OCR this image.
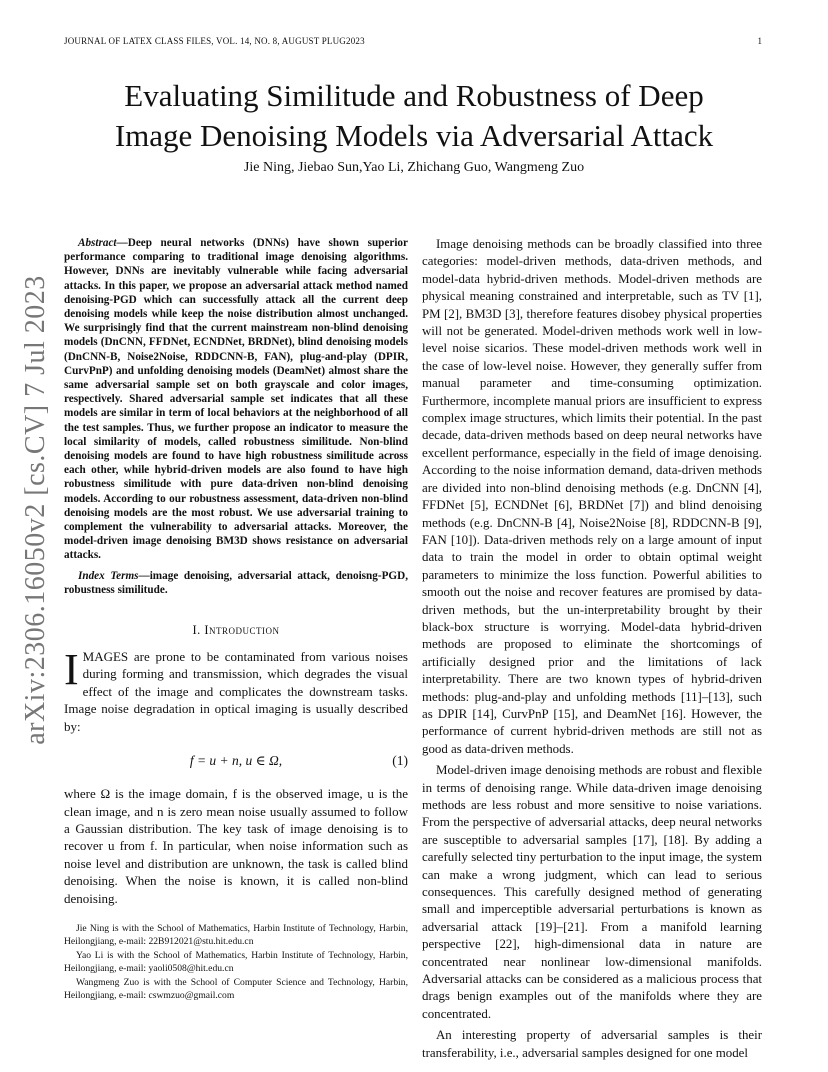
JOURNAL OF LATEX CLASS FILES, VOL. 14, NO. 8, AUGUST PLUG2023	1
arXiv:2306.16050v2 [cs.CV] 7 Jul 2023
Evaluating Similitude and Robustness of Deep
Image Denoising Models via Adversarial Attack
Jie Ning, Jiebao Sun,Yao Li, Zhichang Guo, Wangmeng Zuo

Abstract—Deep neural networks (DNNs) have shown superior performance comparing to traditional image denoising algorithms. However, DNNs are inevitably vulnerable while facing adversarial attacks. In this paper, we propose an adversarial attack method named denoising-PGD which can successfully attack all the current deep denoising models while keep the noise distribution almost unchanged. We surprisingly find that the current mainstream non-blind denoising models (DnCNN, FFDNet, ECNDNet, BRDNet), blind denoising models (DnCNN-B, Noise2Noise, RDDCNN-B, FAN), plug-and-play (DPIR, CurvPnP) and unfolding denoising models (DeamNet) almost share the same adversarial sample set on both grayscale and color images, respectively. Shared adversarial sample set indicates that all these models are similar in term of local behaviors at the neighborhood of all the test samples. Thus, we further propose an indicator to measure the local similarity of models, called robustness similitude. Non-blind denoising models are found to have high robustness similitude across each other, while hybrid-driven models are also found to have high robustness similitude with pure data-driven non-blind denoising models. According to our robustness assessment, data-driven non-blind denoising models are the most robust. We use adversarial training to complement the vulnerability to adversarial attacks. Moreover, the model-driven image denoising BM3D shows resistance on adversarial attacks.

Index Terms—image denoising, adversarial attack, denoisng-PGD, robustness similitude.

I. Introduction

IMAGES are prone to be contaminated from various noises during forming and transmission, which degrades the visual effect of the image and complicates the downstream tasks. Image noise degradation in optical imaging is usually described by:

f = u + n, u ∈ Ω,	(1)

where Ω is the image domain, f is the observed image, u is the clean image, and n is zero mean noise usually assumed to follow a Gaussian distribution. The key task of image denoising is to recover u from f. In particular, when noise information such as noise level and distribution are unknown, the task is called blind denoising. When the noise is known, it is called non-blind denoising.

Jie Ning is with the School of Mathematics, Harbin Institute of Technology, Harbin, Heilongjiang, e-mail: 22B912021@stu.hit.edu.cn

Yao Li is with the School of Mathematics, Harbin Institute of Technology, Harbin, Heilongjiang, e-mail: yaoli0508@hit.edu.cn

Wangmeng Zuo is with the School of Computer Science and Technology, Harbin, Heilongjiang, e-mail: cswmzuo@gmail.com

Image denoising methods can be broadly classified into three categories: model-driven methods, data-driven methods, and model-data hybrid-driven methods. Model-driven methods are physical meaning constrained and interpretable, such as TV [1], PM [2], BM3D [3], therefore features disobey physical properties will not be generated. Model-driven methods work well in low-level noise sicarios. These model-driven methods work well in the case of low-level noise. However, they generally suffer from manual parameter and time-consuming optimization. Furthermore, incomplete manual priors are insufficient to express complex image structures, which limits their potential. In the past decade, data-driven methods based on deep neural networks have excellent performance, especially in the field of image denoising. According to the noise information demand, data-driven methods are divided into non-blind denoising methods (e.g. DnCNN [4], FFDNet [5], ECNDNet [6], BRDNet [7]) and blind denoising methods (e.g. DnCNN-B [4], Noise2Noise [8], RDDCNN-B [9], FAN [10]). Data-driven methods rely on a large amount of input data to train the model in order to obtain optimal weight parameters to minimize the loss function. Powerful abilities to smooth out the noise and recover features are promised by data-driven methods, but the un-interpretability brought by their black-box structure is worrying. Model-data hybrid-driven methods are proposed to eliminate the shortcomings of artificially designed prior and the limitations of lack interpretability. There are two known types of hybrid-driven methods: plug-and-play and unfolding methods [11]–[13], such as DPIR [14], CurvPnP [15], and DeamNet [16]. However, the performance of current hybrid-driven methods are still not as good as data-driven methods.

Model-driven image denoising methods are robust and flexible in terms of denoising range. While data-driven image denoising methods are less robust and more sensitive to noise variations. From the perspective of adversarial attacks, deep neural networks are susceptible to adversarial samples [17], [18]. By adding a carefully selected tiny perturbation to the input image, the system can make a wrong judgment, which can lead to serious consequences. This carefully designed method of generating small and imperceptible adversarial perturbations is known as adversarial attack [19]–[21]. From a manifold learning perspective [22], high-dimensional data in nature are concentrated near nonlinear low-dimensional manifolds. Adversarial attacks can be considered as a malicious process that drags benign examples out of the manifolds where they are concentrated.

An interesting property of adversarial samples is their transferability, i.e., adversarial samples designed for one model
